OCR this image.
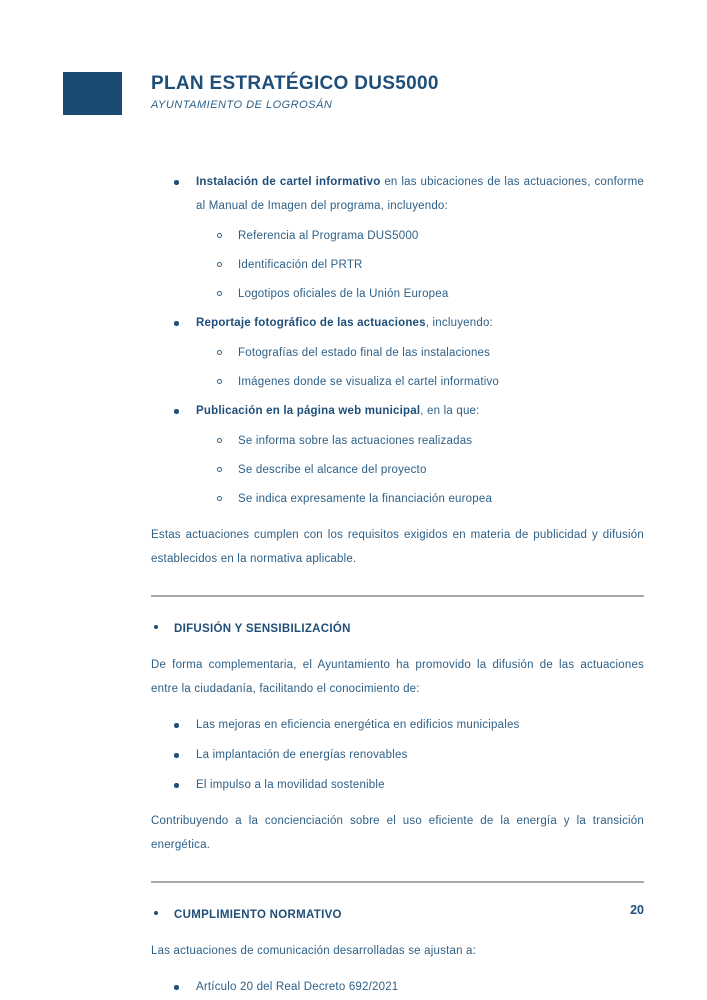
PLAN ESTRATÉGICO DUS5000
AYUNTAMIENTO DE LOGROSÁN
Instalación de cartel informativo en las ubicaciones de las actuaciones, conforme al Manual de Imagen del programa, incluyendo:
Referencia al Programa DUS5000
Identificación del PRTR
Logotipos oficiales de la Unión Europea
Reportaje fotográfico de las actuaciones, incluyendo:
Fotografías del estado final de las instalaciones
Imágenes donde se visualiza el cartel informativo
Publicación en la página web municipal, en la que:
Se informa sobre las actuaciones realizadas
Se describe el alcance del proyecto
Se indica expresamente la financiación europea
Estas actuaciones cumplen con los requisitos exigidos en materia de publicidad y difusión establecidos en la normativa aplicable.
DIFUSIÓN Y SENSIBILIZACIÓN
De forma complementaria, el Ayuntamiento ha promovido la difusión de las actuaciones entre la ciudadanía, facilitando el conocimiento de:
Las mejoras en eficiencia energética en edificios municipales
La implantación de energías renovables
El impulso a la movilidad sostenible
Contribuyendo a la concienciación sobre el uso eficiente de la energía y la transición energética.
CUMPLIMIENTO NORMATIVO
Las actuaciones de comunicación desarrolladas se ajustan a:
Artículo 20 del Real Decreto 692/2021
20
